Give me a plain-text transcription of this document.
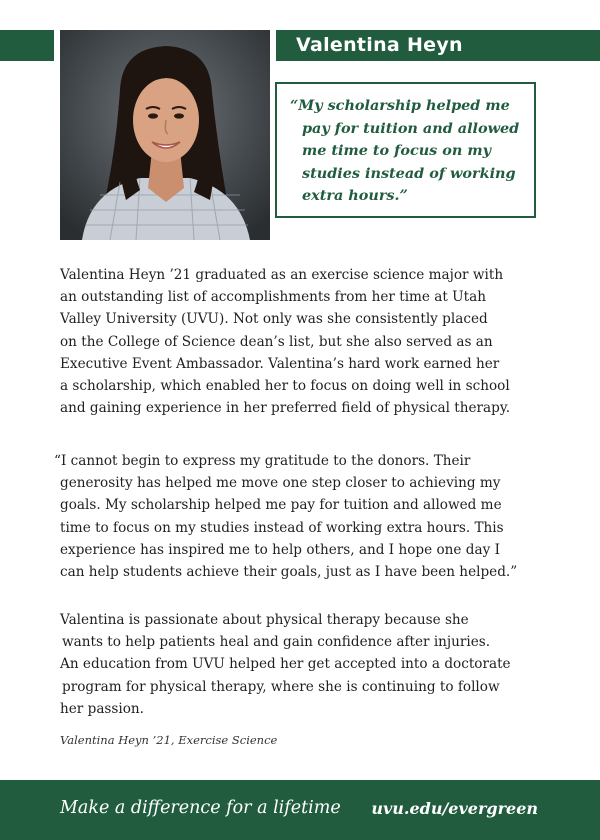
Valentina Heyn
“My scholarship helped me
pay for tuition and allowed
me time to focus on my
studies instead of working
extra hours.”
Valentina Heyn ’21 graduated as an exercise science major with
an outstanding list of accomplishments from her time at Utah
Valley University (UVU). Not only was she consistently placed
on the College of Science dean’s list, but she also served as an
Executive Event Ambassador. Valentina’s hard work earned her
a scholarship, which enabled her to focus on doing well in school
and gaining experience in her preferred field of physical therapy.
“I cannot begin to express my gratitude to the donors. Their
generosity has helped me move one step closer to achieving my
goals. My scholarship helped me pay for tuition and allowed me
time to focus on my studies instead of working extra hours. This
experience has inspired me to help others, and I hope one day I
can help students achieve their goals, just as I have been helped.”
Valentina is passionate about physical therapy because she
wants to help patients heal and gain confidence after injuries.
An education from UVU helped her get accepted into a doctorate
program for physical therapy, where she is continuing to follow
her passion.
Valentina Heyn ’21, Exercise Science
Make a difference for a lifetime uvu.edu/evergreen
